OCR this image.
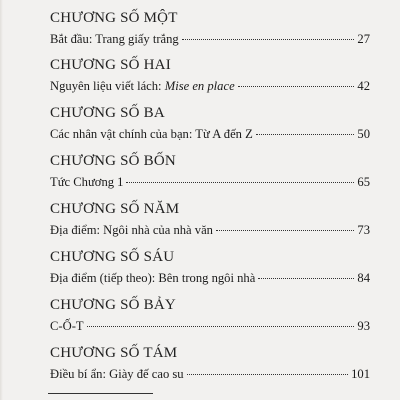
CHƯƠNG SỐ MỘT
Bắt đầu: Trang giấy trắng	27
CHƯƠNG SỐ HAI
Nguyên liệu viết lách: Mise en place	42
CHƯƠNG SỐ BA
Các nhân vật chính của bạn: Từ A đến Z	50
CHƯƠNG SỐ BỐN
Tức Chương 1	65
CHƯƠNG SỐ NĂM
Địa điểm: Ngôi nhà của nhà văn	73
CHƯƠNG SỐ SÁU
Địa điểm (tiếp theo): Bên trong ngôi nhà	84
CHƯƠNG SỐ BẢY
C-Ố-T	93
CHƯƠNG SỐ TÁM
Điều bí ẩn: Giày đế cao su	101
